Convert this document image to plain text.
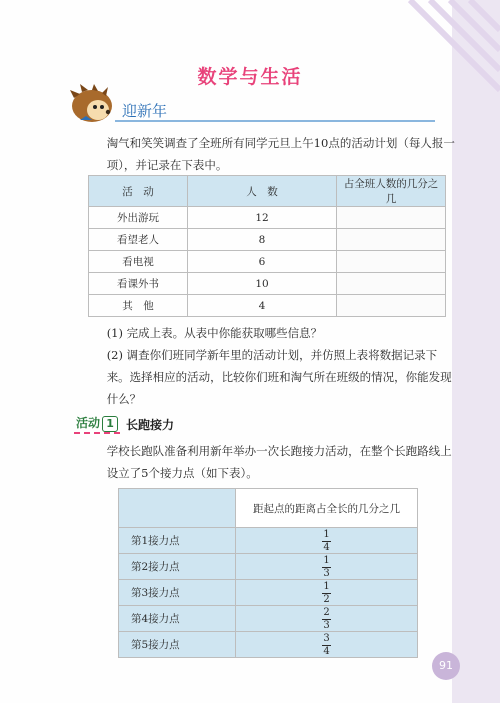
数学与生活
迎新年
淘气和笑笑调查了全班所有同学元旦上午10点的活动计划（每人报一项），并记录在下表中。
活　动	人　数	占全班人数的几分之几
外出游玩	12	
看望老人	8	
看电视	6	
看课外书	10	
其　他	4	
(1) 完成上表。从表中你能获取哪些信息？
(2) 调查你们班同学新年里的活动计划，并仿照上表将数据记录下来。选择相应的活动，比较你们班和淘气所在班级的情况，你能发现什么？
活动 1	长跑接力
学校长跑队准备利用新年举办一次长跑接力活动，在整个长跑路线上设立了5个接力点（如下表）。
	距起点的距离占全长的几分之几
第1接力点	$\frac{1}{4}$

第2接力点	$\frac{1}{3}$

第3接力点	$\frac{1}{2}$

第4接力点	$\frac{2}{3}$

第5接力点	$\frac{3}{4}$
91
